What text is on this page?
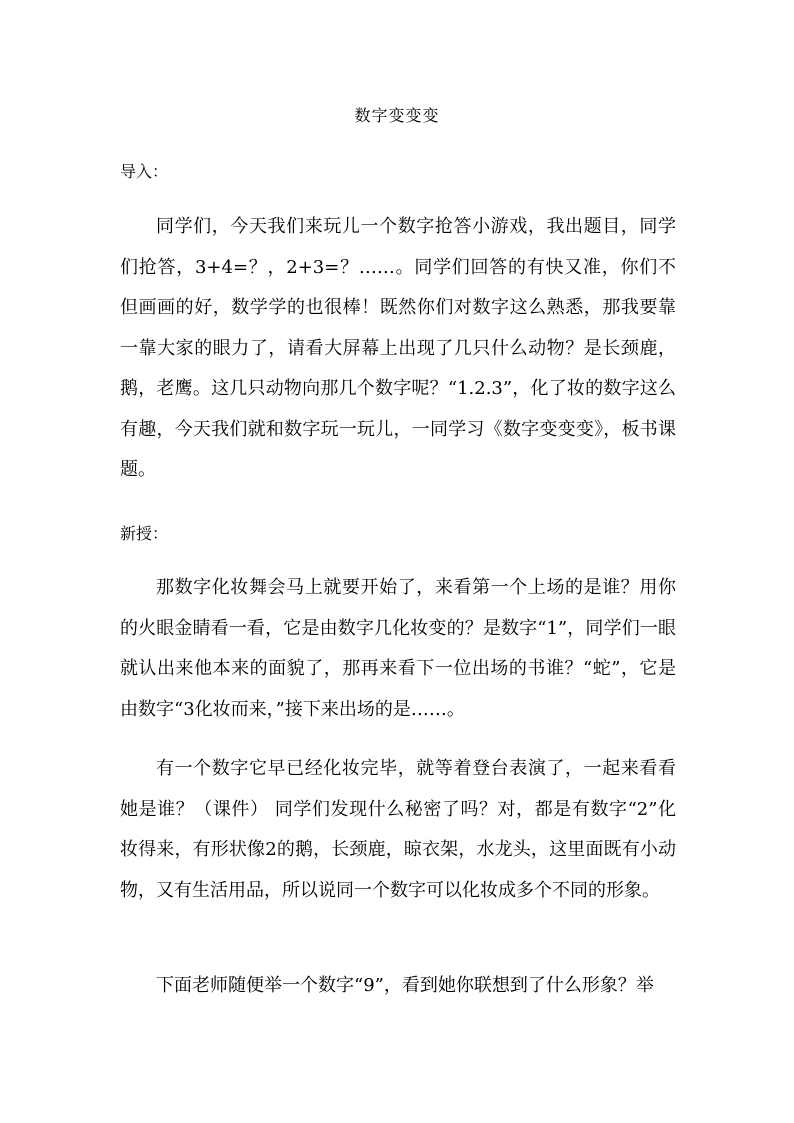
数字变变变
导入：

同学们，今天我们来玩儿一个数字抢答小游戏，我出题目，同学们抢答，3+4=？，2+3=？……。同学们回答的有快又准，你们不但画画的好，数学学的也很棒！既然你们对数字这么熟悉，那我要靠一靠大家的眼力了，请看大屏幕上出现了几只什么动物？是长颈鹿，鹅，老鹰。这几只动物向那几个数字呢？“1.2.3”，化了妆的数字这么有趣，今天我们就和数字玩一玩儿，一同学习《数字变变变》，板书课题。

新授：

那数字化妆舞会马上就要开始了，来看第一个上场的是谁？用你的火眼金睛看一看，它是由数字几化妆变的？是数字“1”，同学们一眼就认出来他本来的面貌了，那再来看下一位出场的书谁？“蛇”，它是由数字“3化妆而来，”接下来出场的是……。

有一个数字它早已经化妆完毕，就等着登台表演了，一起来看看她是谁？（课件） 同学们发现什么秘密了吗？对，都是有数字“2”化妆得来，有形状像2的鹅，长颈鹿，晾衣架，水龙头，这里面既有小动物，又有生活用品，所以说同一个数字可以化妆成多个不同的形象。

下面老师随便举一个数字“9”，看到她你联想到了什么形象？举
